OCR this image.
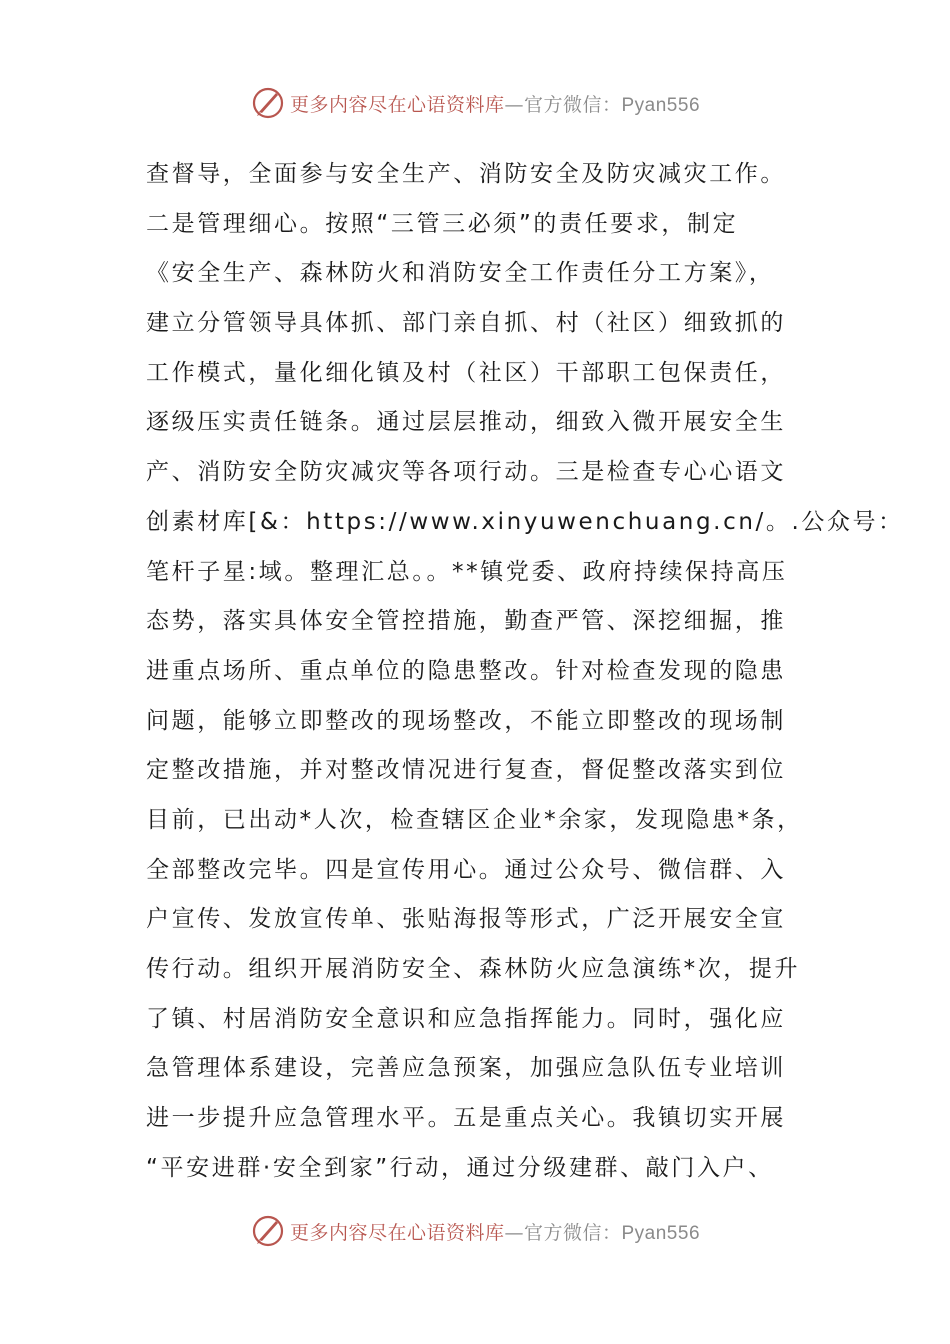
更多内容尽在心语资料库—官方微信：Pyan556
查督导，全面参与安全生产、消防安全及防灾减灾工作。
二是管理细心。按照“三管三必须”的责任要求，制定
《安全生产、森林防火和消防安全工作责任分工方案》，
建立分管领导具体抓、部门亲自抓、村（社区）细致抓的
工作模式，量化细化镇及村（社区）干部职工包保责任，
逐级压实责任链条。通过层层推动，细致入微开展安全生
产、消防安全防灾减灾等各项行动。三是检查专心心语文
创素材库[&：https://www.xinyuwenchuang.cn/。.公众号：
笔杆子星:域。整理汇总。。**镇党委、政府持续保持高压
态势，落实具体安全管控措施，勤查严管、深挖细掘，推
进重点场所、重点单位的隐患整改。针对检查发现的隐患
问题，能够立即整改的现场整改，不能立即整改的现场制
定整改措施，并对整改情况进行复查，督促整改落实到位
目前，已出动*人次，检查辖区企业*余家，发现隐患*条，
全部整改完毕。四是宣传用心。通过公众号、微信群、入
户宣传、发放宣传单、张贴海报等形式，广泛开展安全宣
传行动。组织开展消防安全、森林防火应急演练*次，提升
了镇、村居消防安全意识和应急指挥能力。同时，强化应
急管理体系建设，完善应急预案，加强应急队伍专业培训
进一步提升应急管理水平。五是重点关心。我镇切实开展
“平安进群·安全到家”行动，通过分级建群、敲门入户、
更多内容尽在心语资料库—官方微信：Pyan556
